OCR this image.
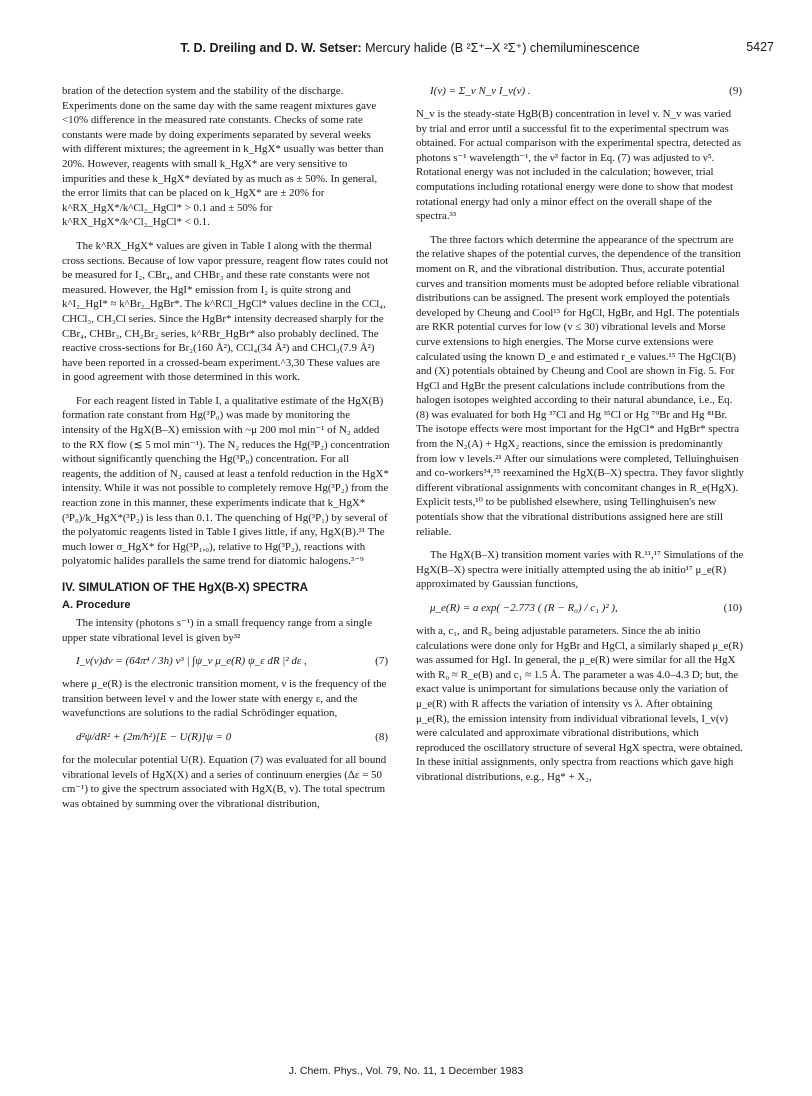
T. D. Dreiling and D. W. Setser: Mercury halide (B ²Σ⁺–X ²Σ⁺) chemiluminescence	5427

bration of the detection system and the stability of the discharge. Experiments done on the same day with the same reagent mixtures gave <10% difference in the measured rate constants. Checks of some rate constants were made by doing experiments separated by several weeks with different mixtures; the agreement in k_HgX* usually was better than 20%. However, reagents with small k_HgX* are very sensitive to impurities and these k_HgX* deviated by as much as ± 50%. In general, the error limits that can be placed on k_HgX* are ± 20% for k^RX_HgX*/k^Cl₂_HgCl* > 0.1 and ± 50% for k^RX_HgX*/k^Cl₂_HgCl* < 0.1.

The k^RX_HgX* values are given in Table I along with the thermal cross sections. Because of low vapor pressure, reagent flow rates could not be measured for I₂, CBr₄, and CHBr₃ and these rate constants were not measured. However, the HgI* emission from I₂ is quite strong and k^I₂_HgI* ≈ k^Br₂_HgBr*. The k^RCl_HgCl* values decline in the CCl₄, CHCl₃, CH₃Cl series. Since the HgBr* intensity decreased sharply for the CBr₄, CHBr₃, CH₂Br₂ series, k^RBr_HgBr* also probably declined. The reactive cross-sections for Br₂(160 Å²), CCl₄(34 Å²) and CHCl₃(7.9 Å²) have been reported in a crossed-beam experiment.^3,30 These values are in good agreement with those determined in this work.

For each reagent listed in Table I, a qualitative estimate of the HgX(B) formation rate constant from Hg(³P₀) was made by monitoring the intensity of the HgX(B–X) emission with ~μ 200 mol min⁻¹ of N₂ added to the RX flow (≲ 5 mol min⁻¹). The N₂ reduces the Hg(³P₂) concentration without significantly quenching the Hg(³P₀) concentration. For all reagents, the addition of N₂ caused at least a tenfold reduction in the HgX* intensity. While it was not possible to completely remove Hg(³P₂) from the reaction zone in this manner, these experiments indicate that k_HgX*(³P₀)/k_HgX*(³P₂) is less than 0.1. The quenching of Hg(³P₁) by several of the polyatomic reagents listed in Table I gives little, if any, HgX(B).³¹ The much lower σ_HgX* for Hg(³P₁,₀), relative to Hg(³P₂), reactions with polyatomic halides parallels the same trend for diatomic halogens.³⁻⁹

IV. SIMULATION OF THE HgX(B-X) SPECTRA
A. Procedure

The intensity (photons s⁻¹) in a small frequency range from a single upper state vibrational level is given by³²

I_v(ν)dν = (64π⁴ / 3h) ν³ | ∫ψ_v μ_e(R) ψ_ε dR |² dε ,	(7)

where μ_e(R) is the electronic transition moment, ν is the frequency of the transition between level v and the lower state with energy ε, and the wavefunctions are solutions to the radial Schrödinger equation,

d²ψ/dR² + (2m/ħ²)[E − U(R)]ψ = 0	(8)

for the molecular potential U(R). Equation (7) was evaluated for all bound vibrational levels of HgX(X) and a series of continuum energies (Δε = 50 cm⁻¹) to give the spectrum associated with HgX(B, v). The total spectrum was obtained by summing over the vibrational distribution,

I(ν) = Σ_v N_v I_v(ν) .	(9)

N_v is the steady-state HgB(B) concentration in level v. N_v was varied by trial and error until a successful fit to the experimental spectrum was obtained. For actual comparison with the experimental spectra, detected as photons s⁻¹ wavelength⁻¹, the ν³ factor in Eq. (7) was adjusted to ν⁵. Rotational energy was not included in the calculation; however, trial computations including rotational energy were done to show that modest rotational energy had only a minor effect on the overall shape of the spectra.³³

The three factors which determine the appearance of the spectrum are the relative shapes of the potential curves, the dependence of the transition moment on R, and the vibrational distribution. Thus, accurate potential curves and transition moments must be adopted before reliable vibrational distributions can be assigned. The present work employed the potentials developed by Cheung and Cool¹⁵ for HgCl, HgBr, and HgI. The potentials are RKR potential curves for low (v ≤ 30) vibrational levels and Morse curve extensions to high energies. The Morse curve extensions were calculated using the known D_e and estimated r_e values.¹⁵ The HgCl(B) and (X) potentials obtained by Cheung and Cool are shown in Fig. 5. For HgCl and HgBr the present calculations include contributions from the halogen isotopes weighted according to their natural abundance, i.e., Eq. (8) was evaluated for both Hg ³⁷Cl and Hg ³⁵Cl or Hg ⁷⁹Br and Hg ⁸¹Br. The isotope effects were most important for the HgCl* and HgBr* spectra from the N₂(A) + HgX₂ reactions, since the emission is predominantly from low v levels.²¹ After our simulations were completed, Telluinghuisen and co-workers³⁴,³⁵ reexamined the HgX(B–X) spectra. They favor slightly different vibrational assignments with concomitant changes in R_e(HgX). Explicit tests,¹⁰ to be published elsewhere, using Tellinghuisen's new potentials show that the vibrational distributions assigned here are still reliable.

The HgX(B–X) transition moment varies with R.¹¹,¹⁷ Simulations of the HgX(B–X) spectra were initially attempted using the ab initio¹⁷ μ_e(R) approximated by Gaussian functions,

μ_e(R) = a exp( −2.773 ( (R − R₀) / c₁ )² ),	(10)

with a, c₁, and R₀ being adjustable parameters. Since the ab initio calculations were done only for HgBr and HgCl, a similarly shaped μ_e(R) was assumed for HgI. In general, the μ_e(R) were similar for all the HgX with R₀ ≈ R_e(B) and c₁ ≈ 1.5 Å. The parameter a was 4.0–4.3 D; but, the exact value is unimportant for simulations because only the variation of μ_e(R) with R affects the variation of intensity vs λ. After obtaining μ_e(R), the emission intensity from individual vibrational levels, I_v(ν) were calculated and approximate vibrational distributions, which reproduced the oscillatory structure of several HgX spectra, were obtained. In these initial assignments, only spectra from reactions which gave high vibrational distributions, e.g., Hg* + X₂,

J. Chem. Phys., Vol. 79, No. 11, 1 December 1983
